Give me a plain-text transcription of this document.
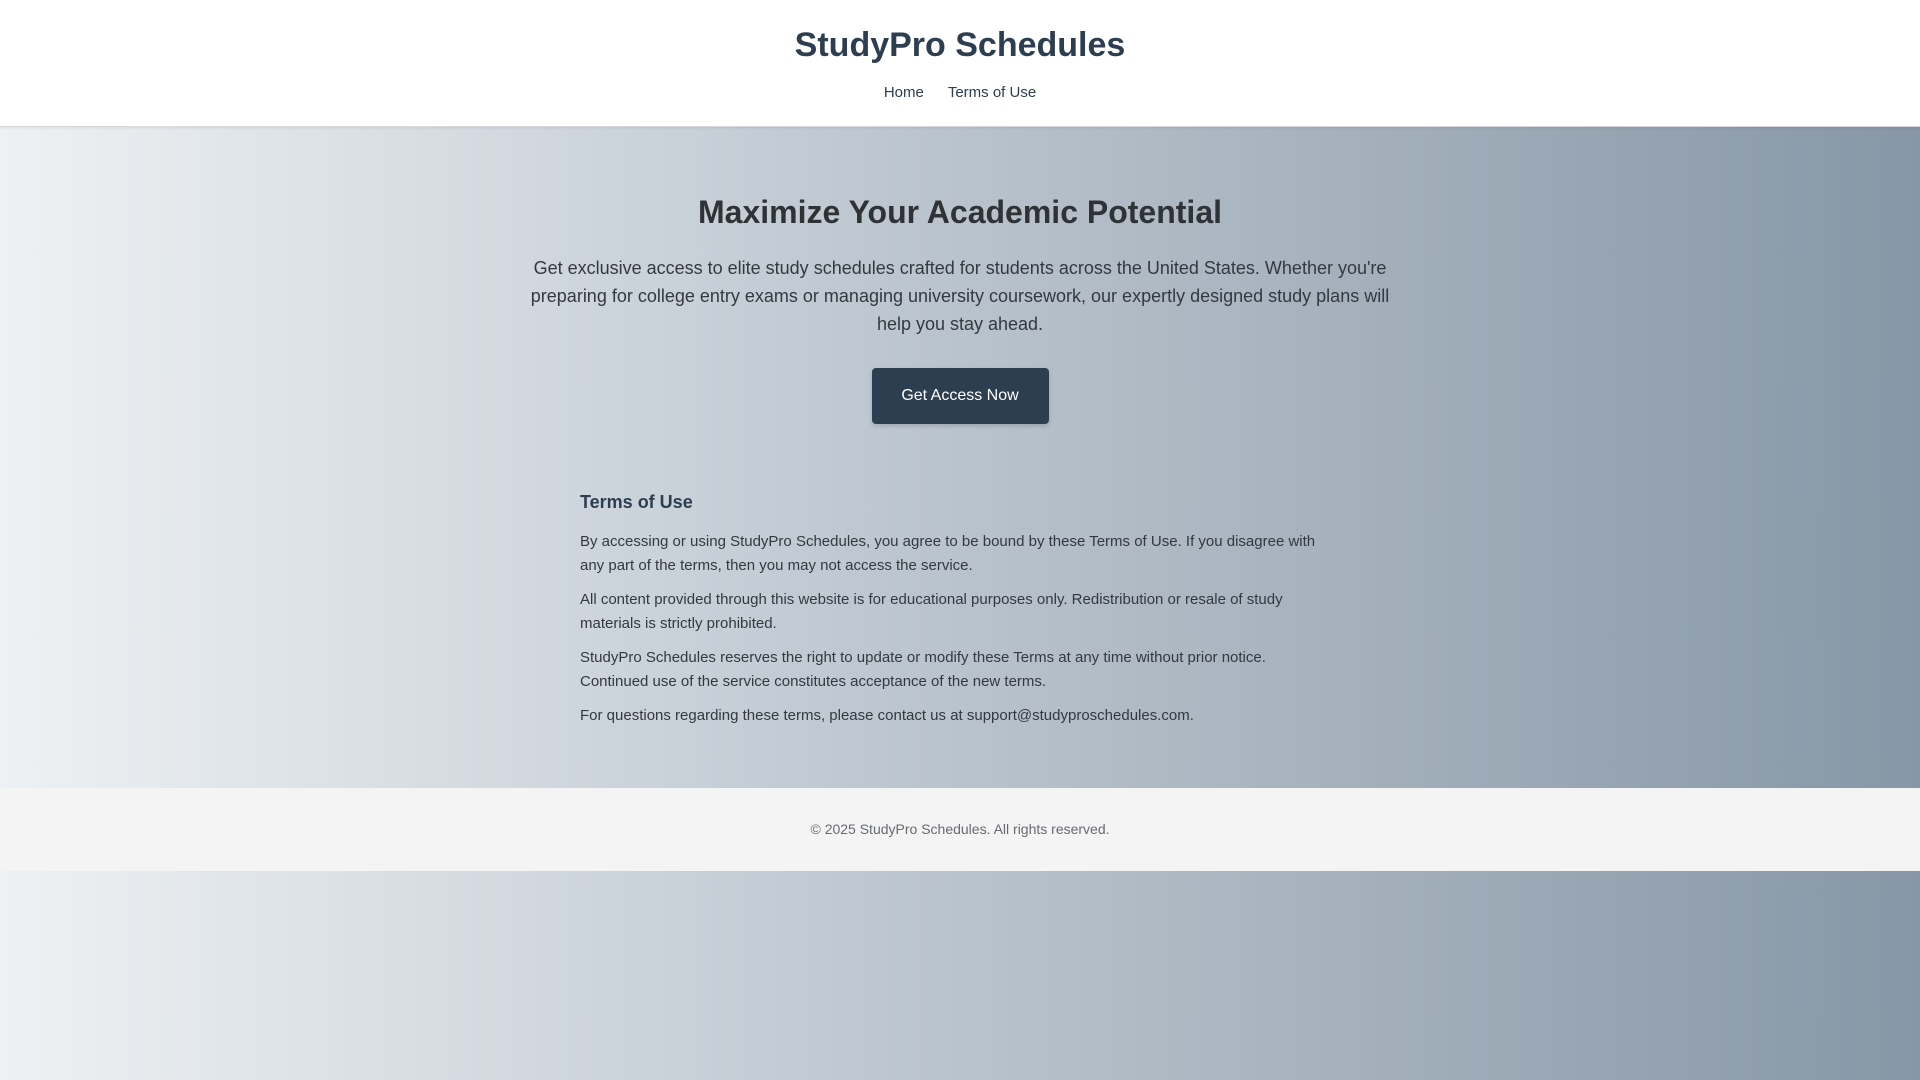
StudyPro Schedules
Home Terms of Use
Maximize Your Academic Potential

Get exclusive access to elite study schedules crafted for students across the United States. Whether you're preparing for college entry exams or managing university coursework, our expertly designed study plans will help you stay ahead.

Get Access Now
Terms of Use

By accessing or using StudyPro Schedules, you agree to be bound by these Terms of Use. If you disagree with any part of the terms, then you may not access the service.

All content provided through this website is for educational purposes only. Redistribution or resale of study materials is strictly prohibited.

StudyPro Schedules reserves the right to update or modify these Terms at any time without prior notice. Continued use of the service constitutes acceptance of the new terms.

For questions regarding these terms, please contact us at support@studyproschedules.com.

© 2025 StudyPro Schedules. All rights reserved.
